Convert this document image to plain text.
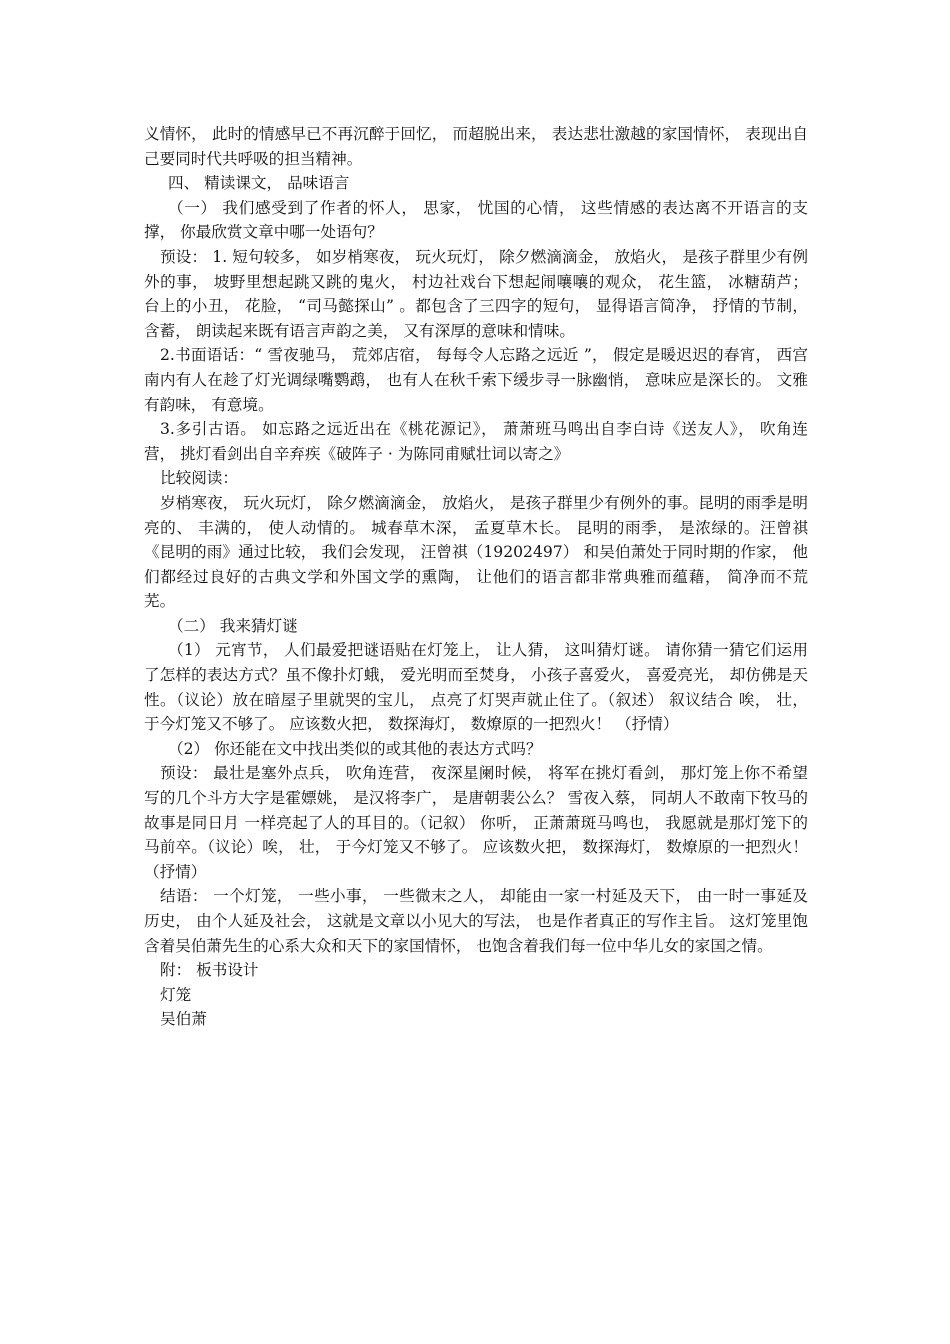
义情怀， 此时的情感早已不再沉醉于回忆， 而超脱出来， 表达悲壮激越的家国情怀， 表现出自己要同时代共呼吸的担当精神。

四、 精读课文， 品味语言

（一） 我们感受到了作者的怀人， 思家， 忧国的心情， 这些情感的表达离不开语言的支撑， 你最欣赏文章中哪一处语句？

预设： 1. 短句较多， 如岁梢寒夜， 玩火玩灯， 除夕燃滴滴金， 放焰火， 是孩子群里少有例外的事， 坡野里想起跳又跳的鬼火， 村边社戏台下想起闹嚷嚷的观众， 花生篮， 冰糖葫芦； 台上的小丑， 花脸， “司马懿探山” 。都包含了三四字的短句， 显得语言简净， 抒情的节制， 含蓄， 朗读起来既有语言声韵之美， 又有深厚的意味和情味。

2.书面语话：“ 雪夜驰马， 荒郊店宿， 每每令人忘路之远近 ”， 假定是暖迟迟的春宵， 西宫南内有人在趁了灯光调绿嘴鹦鹉， 也有人在秋千索下缓步寻一脉幽悄， 意味应是深长的。 文雅有韵味， 有意境。

3.多引古语。 如忘路之远近出在《桃花源记》， 萧萧班马鸣出自李白诗《送友人》， 吹角连营， 挑灯看剑出自辛弃疾《破阵子 · 为陈同甫赋壮词以寄之》

比较阅读：

岁梢寒夜， 玩火玩灯， 除夕燃滴滴金， 放焰火， 是孩子群里少有例外的事。昆明的雨季是明亮的、 丰满的， 使人动情的。 城春草木深， 孟夏草木长。 昆明的雨季， 是浓绿的。汪曾祺《昆明的雨》通过比较， 我们会发现， 汪曾祺（19202497） 和吴伯萧处于同时期的作家， 他们都经过良好的古典文学和外国文学的熏陶， 让他们的语言都非常典雅而蕴藉， 简净而不荒芜。

（二） 我来猜灯谜

（1） 元宵节， 人们最爱把谜语贴在灯笼上， 让人猜， 这叫猜灯谜。 请你猜一猜它们运用了怎样的表达方式？虽不像扑灯蛾， 爱光明而至焚身， 小孩子喜爱火， 喜爱亮光， 却仿佛是天性。（议论）放在暗屋子里就哭的宝儿， 点亮了灯哭声就止住了。（叙述） 叙议结合 唉， 壮， 于今灯笼又不够了。 应该数火把， 数探海灯， 数燎原的一把烈火！ （抒情）

（2） 你还能在文中找出类似的或其他的表达方式吗？

预设： 最壮是塞外点兵， 吹角连营， 夜深星阑时候， 将军在挑灯看剑， 那灯笼上你不希望写的几个斗方大字是霍嫖姚， 是汉将李广， 是唐朝裴公么？ 雪夜入蔡， 同胡人不敢南下牧马的故事是同日月 一样亮起了人的耳目的。（记叙） 你听， 正萧萧斑马鸣也， 我愿就是那灯笼下的马前卒。（议论）唉， 壮， 于今灯笼又不够了。 应该数火把， 数探海灯， 数燎原的一把烈火！ （抒情）

结语： 一个灯笼， 一些小事， 一些微末之人， 却能由一家一村延及天下， 由一时一事延及历史， 由个人延及社会， 这就是文章以小见大的写法， 也是作者真正的写作主旨。 这灯笼里饱含着吴伯萧先生的心系大众和天下的家国情怀， 也饱含着我们每一位中华儿女的家国之情。

附： 板书设计

灯笼

吴伯萧
